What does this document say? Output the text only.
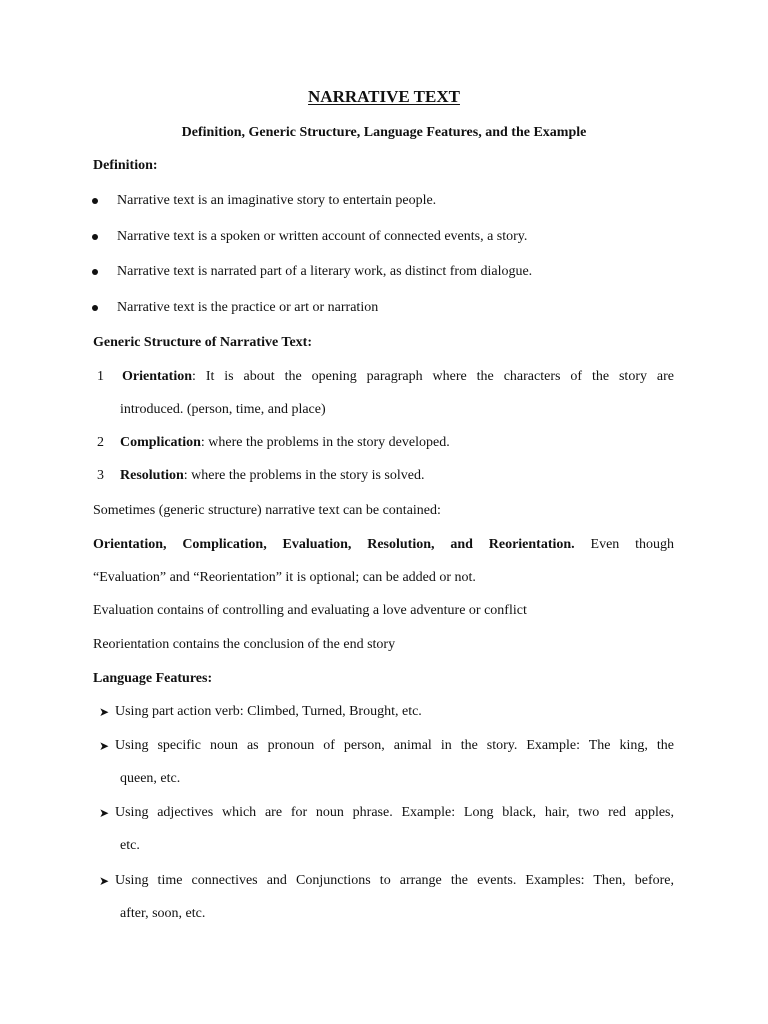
NARRATIVE TEXT
Definition, Generic Structure, Language Features, and the Example
Definition:
Narrative text is an imaginative story to entertain people.
Narrative text is a spoken or written account of connected events, a story.
Narrative text is narrated part of a literary work, as distinct from dialogue.
Narrative text is the practice or art or narration
Generic Structure of Narrative Text:
1 Orientation: It is about the opening paragraph where the characters of the story are
introduced. (person, time, and place)
2 Complication: where the problems in the story developed.
3 Resolution: where the problems in the story is solved.
Sometimes (generic structure) narrative text can be contained:
Orientation, Complication, Evaluation, Resolution, and Reorientation. Even though
“Evaluation” and “Reorientation” it is optional; can be added or not.
Evaluation contains of controlling and evaluating a love adventure or conflict
Reorientation contains the conclusion of the end story
Language Features:
➤ Using part action verb: Climbed, Turned, Brought, etc.
➤ Using specific noun as pronoun of person, animal in the story. Example: The king, the
queen, etc.
➤ Using adjectives which are for noun phrase. Example: Long black, hair, two red apples,
etc.
➤ Using time connectives and Conjunctions to arrange the events. Examples: Then, before,
after, soon, etc.
